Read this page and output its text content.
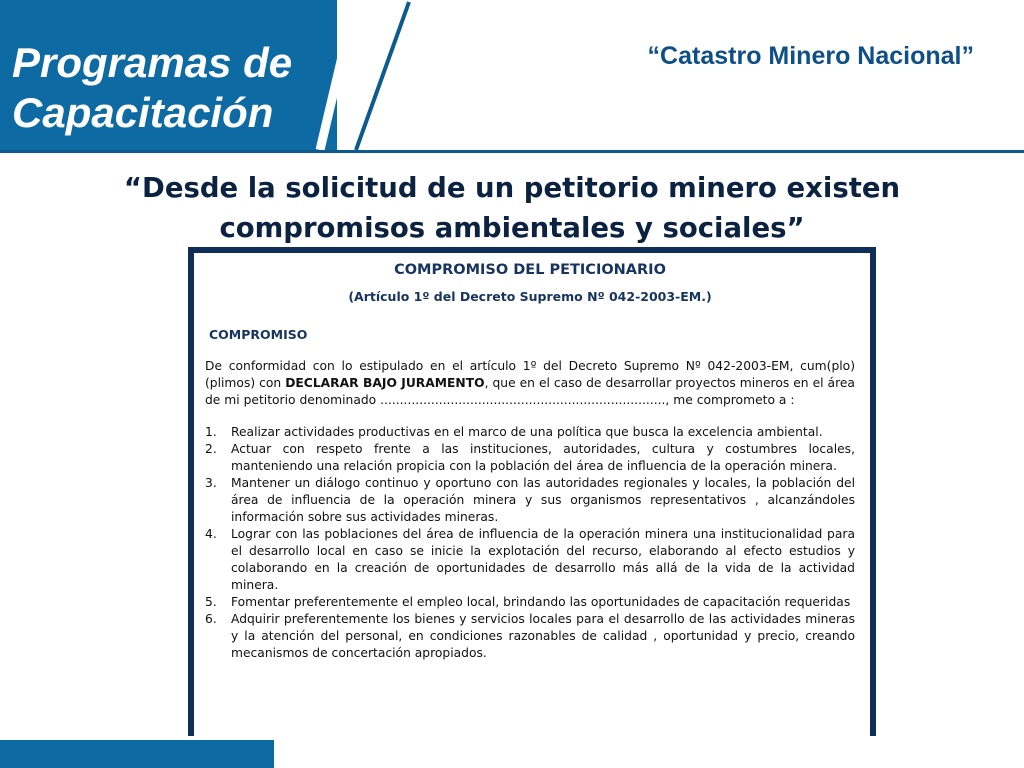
Programas de
Capacitación
“Catastro Minero Nacional”
“Desde la solicitud de un petitorio minero existen
compromisos ambientales y sociales”
COMPROMISO DEL PETICIONARIO
(Artículo 1º del Decreto Supremo Nº 042-2003-EM.)
COMPROMISO

De conformidad con lo estipulado en el artículo 1º del Decreto Supremo Nº 042-2003-EM, cum(plo) (plimos) con DECLARAR BAJO JURAMENTO, que en el caso de desarrollar proyectos mineros en el área de mi petitorio denominado ........................................................................., me comprometo a :

1.	Realizar actividades productivas en el marco de una política que busca la excelencia ambiental.
2.	Actuar con respeto frente a las instituciones, autoridades, cultura y costumbres locales, manteniendo una relación propicia con la población del área de influencia de la operación minera.
3.	Mantener un diálogo continuo y oportuno con las autoridades regionales y locales, la población del área de influencia de la operación minera y sus organismos representativos , alcanzándoles información sobre sus actividades mineras.
4.	Lograr con las poblaciones del área de influencia de la operación minera una institucionalidad para el desarrollo local en caso se inicie la explotación del recurso, elaborando al efecto estudios y colaborando en la creación de oportunidades de desarrollo más allá de la vida de la actividad minera.
5.	Fomentar preferentemente el empleo local, brindando las oportunidades de capacitación requeridas
6.	Adquirir preferentemente los bienes y servicios locales para el desarrollo de las actividades mineras y la atención del personal, en condiciones razonables de calidad , oportunidad y precio, creando mecanismos de concertación apropiados.
